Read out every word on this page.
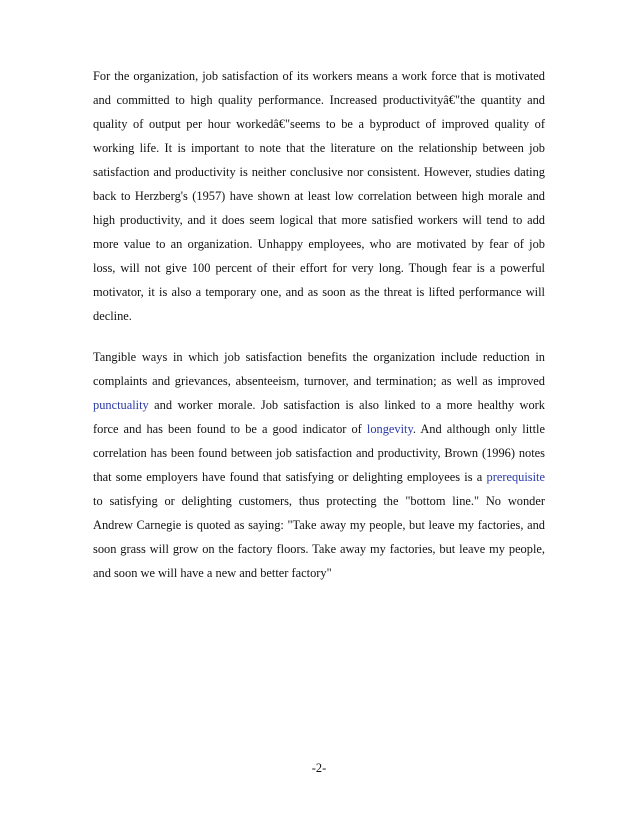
For the organization, job satisfaction of its workers means a work force that is motivated
and committed to high quality performance. Increased productivityâ€"the quantity and
quality of output per hour workedâ€"seems to be a byproduct of improved quality of
working life. It is important to note that the literature on the relationship between job
satisfaction and productivity is neither conclusive nor consistent. However, studies dating
back to Herzberg's (1957) have shown at least low correlation between high morale and
high productivity, and it does seem logical that more satisfied workers will tend to add
more value to an organization. Unhappy employees, who are motivated by fear of job
loss, will not give 100 percent of their effort for very long. Though fear is a powerful
motivator, it is also a temporary one, and as soon as the threat is lifted performance will
decline.

Tangible ways in which job satisfaction benefits the organization include reduction in
complaints and grievances, absenteeism, turnover, and termination; as well as improved
punctuality and worker morale. Job satisfaction is also linked to a more healthy work
force and has been found to be a good indicator of longevity. And although only little
correlation has been found between job satisfaction and productivity, Brown (1996) notes
that some employers have found that satisfying or delighting employees is a prerequisite
to satisfying or delighting customers, thus protecting the "bottom line." No wonder
Andrew Carnegie is quoted as saying: "Take away my people, but leave my factories, and
soon grass will grow on the factory floors. Take away my factories, but leave my people,
and soon we will have a new and better factory"

-2-
